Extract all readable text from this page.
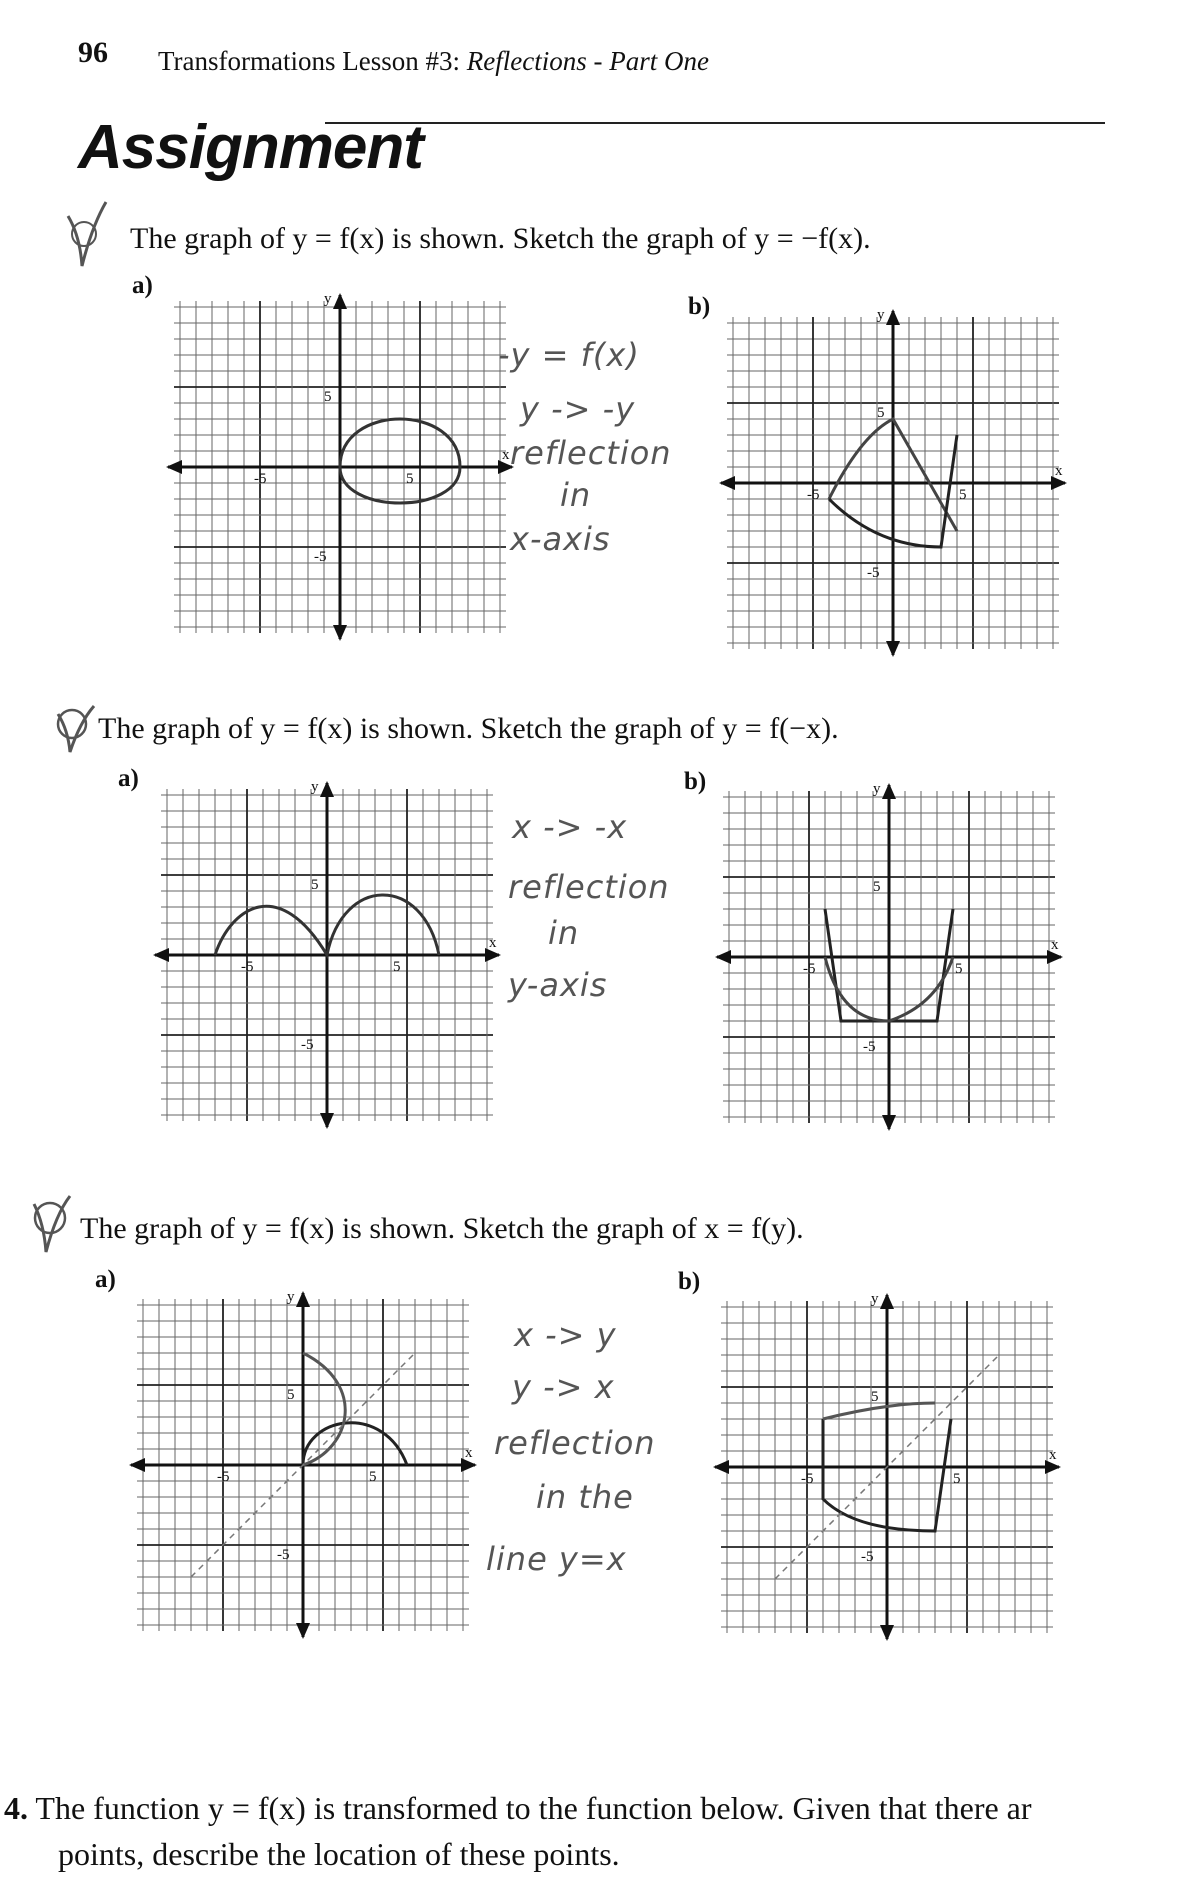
96 Transformations Lesson #3: Reflections - Part One
Assignment
The graph of y = f(x) is shown. Sketch the graph of y = −f(x).
a)
b)
y
x
5
-5
5
-5
y
x
5
-5
5
-5
-y = f(x)
y -> -y
reflection
in
x-axis
The graph of y = f(x) is shown. Sketch the graph of y = f(−x).
a)	b)
y
x
5
-5
5
-5
y
x
5
-5
5
-5
x -> -x
reflection
in
y-axis
The graph of y = f(x) is shown. Sketch the graph of x = f(y).
a)	b)
y
x
5
-5
5
-5
y
x
5
-5
5
-5
x -> y
y -> x
reflection
in the
line y=x
4. The function y = f(x) is transformed to the function below. Given that there ar
points, describe the location of these points.
